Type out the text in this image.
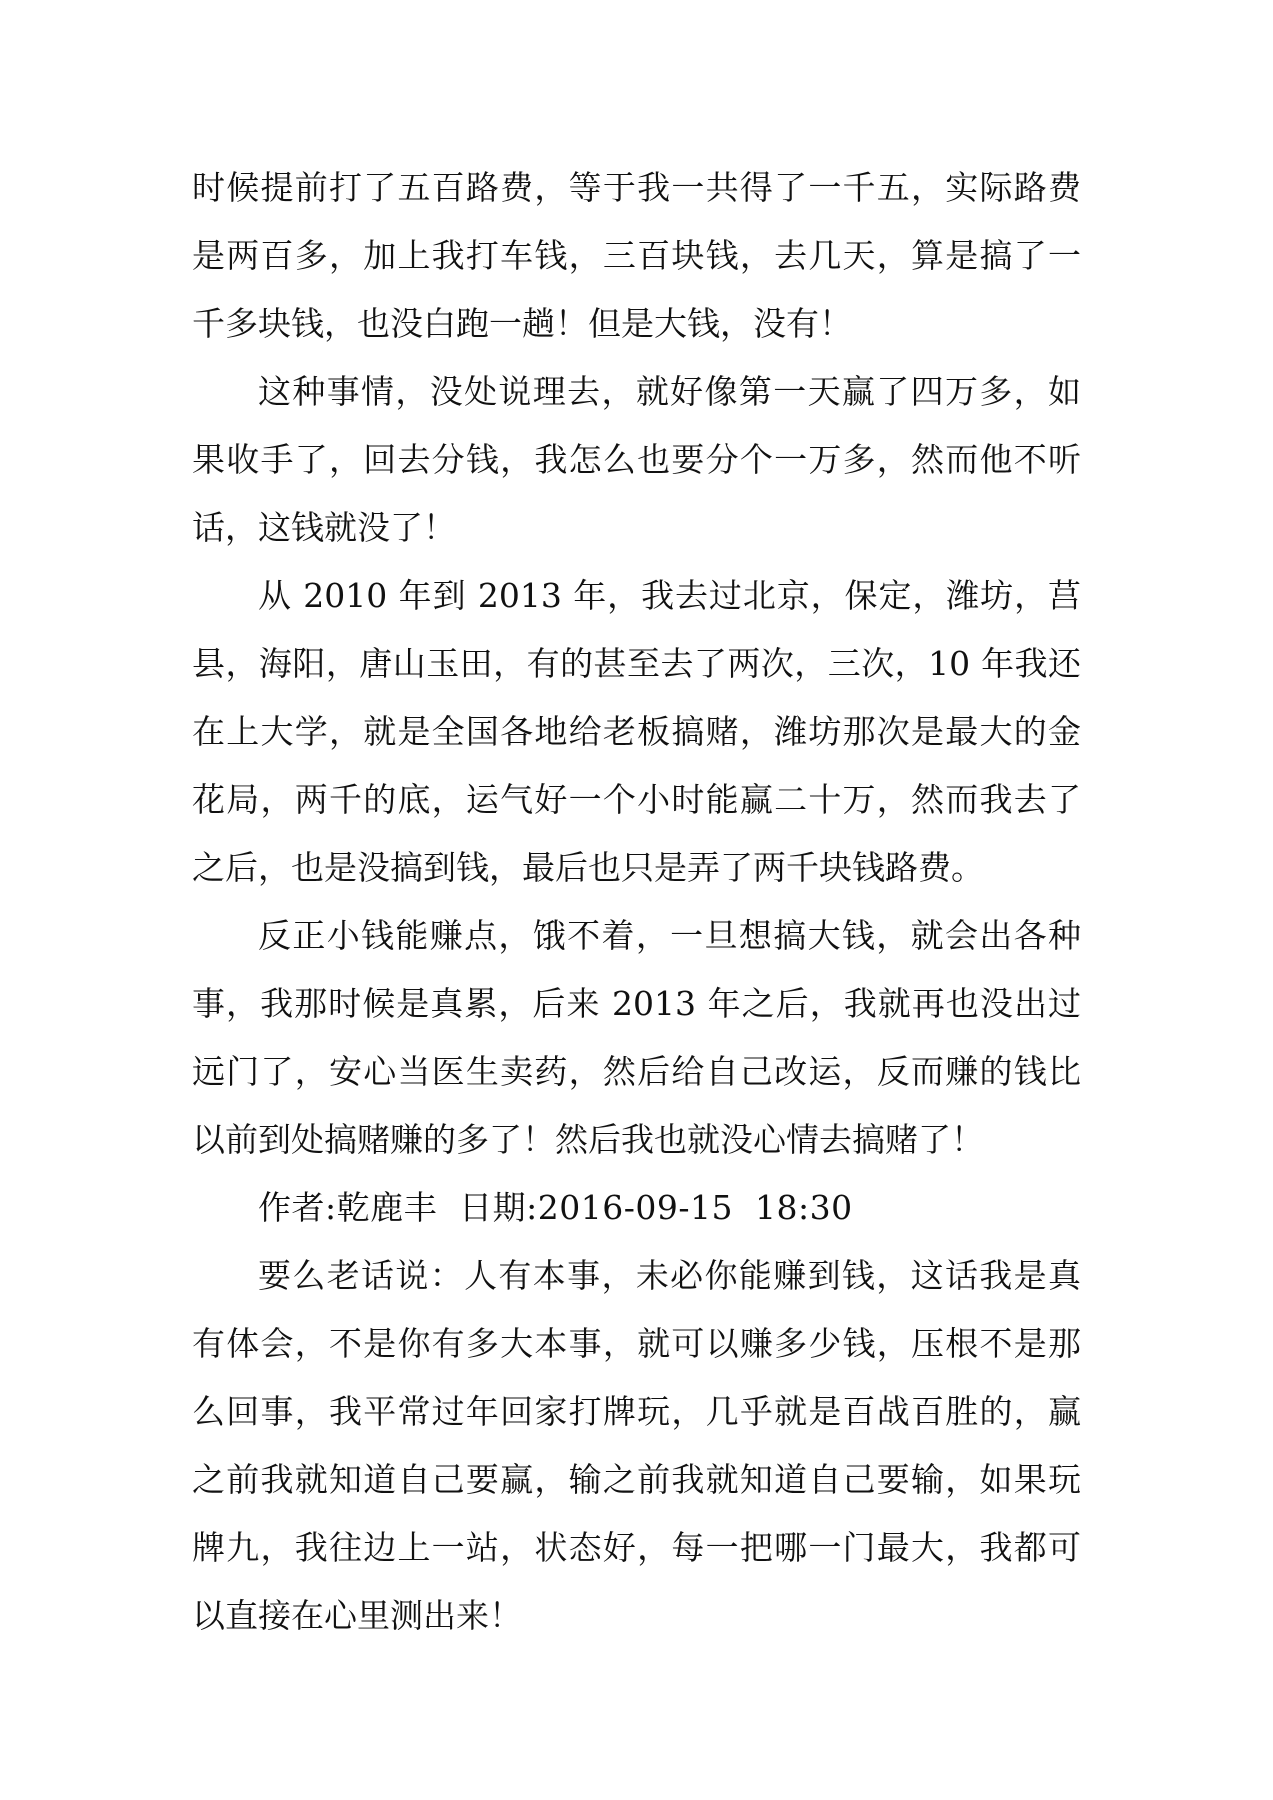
时候提前打了五百路费，等于我一共得了一千五，实际路费是两百多，加上我打车钱，三百块钱，去几天，算是搞了一千多块钱，也没白跑一趟！但是大钱，没有！

这种事情，没处说理去，就好像第一天赢了四万多，如果收手了，回去分钱，我怎么也要分个一万多，然而他不听话，这钱就没了！

从 2010 年到 2013 年，我去过北京，保定，潍坊，莒县，海阳，唐山玉田，有的甚至去了两次，三次，10 年我还在上大学，就是全国各地给老板搞赌，潍坊那次是最大的金花局，两千的底，运气好一个小时能赢二十万，然而我去了之后，也是没搞到钱，最后也只是弄了两千块钱路费。

反正小钱能赚点，饿不着，一旦想搞大钱，就会出各种事，我那时候是真累，后来 2013 年之后，我就再也没出过远门了，安心当医生卖药，然后给自己改运，反而赚的钱比以前到处搞赌赚的多了！然后我也就没心情去搞赌了！

作者:乾鹿丰  日期:2016-09-15  18:30

要么老话说：人有本事，未必你能赚到钱，这话我是真有体会，不是你有多大本事，就可以赚多少钱，压根不是那么回事，我平常过年回家打牌玩，几乎就是百战百胜的，赢之前我就知道自己要赢，输之前我就知道自己要输，如果玩牌九，我往边上一站，状态好，每一把哪一门最大，我都可以直接在心里测出来！
